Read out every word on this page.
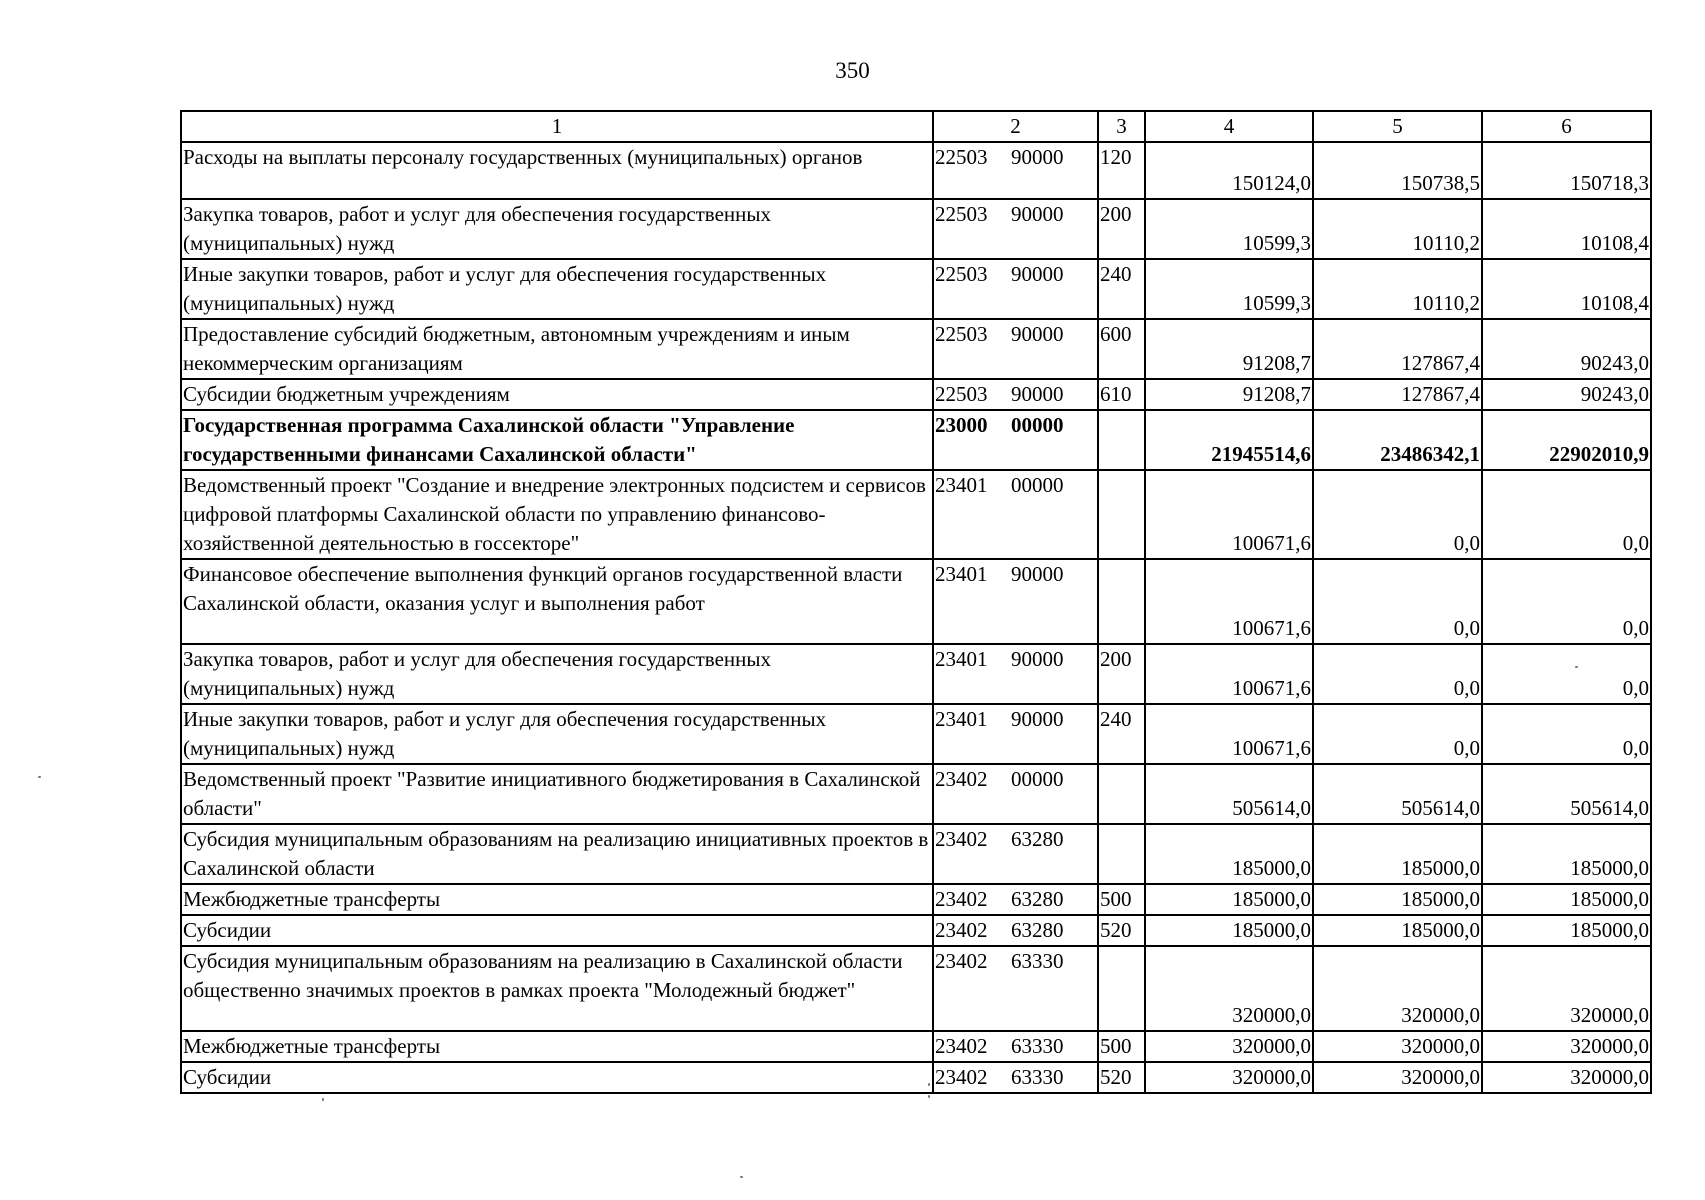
350
1	2	3	4	5	6
Расходы на выплаты персоналу государственных (муниципальных) органов	22503 90000	120	150124,0	150738,5	150718,3
Закупка товаров, работ и услуг для обеспечения государственных (муниципальных) нужд	22503 90000	200	10599,3	10110,2	10108,4
Иные закупки товаров, работ и услуг для обеспечения государственных (муниципальных) нужд	22503 90000	240	10599,3	10110,2	10108,4
Предоставление субсидий бюджетным, автономным учреждениям и иным некоммерческим организациям	22503 90000	600	91208,7	127867,4	90243,0
Субсидии бюджетным учреждениям	22503 90000	610	91208,7	127867,4	90243,0
Государственная программа Сахалинской области "Управление государственными финансами Сахалинской области"	23000 00000		21945514,6	23486342,1	22902010,9
Ведомственный проект "Создание и внедрение электронных подсистем и сервисов цифровой платформы Сахалинской области по управлению финансово-хозяйственной деятельностью в госсекторе"	23401 00000		100671,6	0,0	0,0
Финансовое обеспечение выполнения функций органов государственной власти Сахалинской области, оказания услуг и выполнения работ	23401 90000		100671,6	0,0	0,0
Закупка товаров, работ и услуг для обеспечения государственных (муниципальных) нужд	23401 90000	200	100671,6	0,0	0,0
Иные закупки товаров, работ и услуг для обеспечения государственных (муниципальных) нужд	23401 90000	240	100671,6	0,0	0,0
Ведомственный проект "Развитие инициативного бюджетирования в Сахалинской области"	23402 00000		505614,0	505614,0	505614,0
Субсидия муниципальным образованиям на реализацию инициативных проектов в Сахалинской области	23402 63280		185000,0	185000,0	185000,0
Межбюджетные трансферты	23402 63280	500	185000,0	185000,0	185000,0
Субсидии	23402 63280	520	185000,0	185000,0	185000,0
Субсидия муниципальным образованиям на реализацию в Сахалинской области общественно значимых проектов в рамках проекта "Молодежный бюджет"	23402 63330		320000,0	320000,0	320000,0
Межбюджетные трансферты	23402 63330	500	320000,0	320000,0	320000,0
Субсидии	23402 63330	520	320000,0	320000,0	320000,0
